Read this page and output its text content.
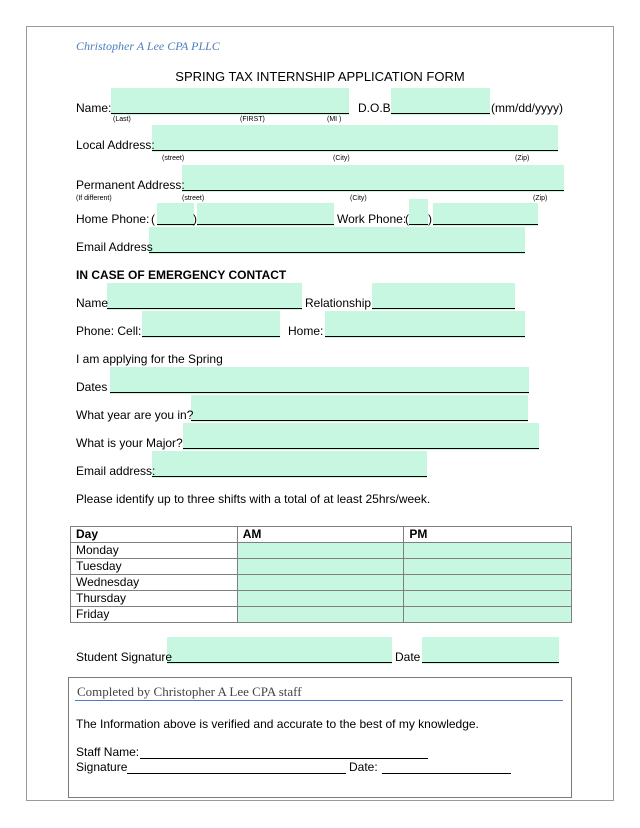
Christopher A Lee CPA PLLC
SPRING TAX INTERNSHIP APPLICATION FORM
Name:	D.O.B	(mm/dd/yyyy)
(Last)	(FIRST)	(MI )
Local Address:
(street)	(City)	(Zip)
Permanent Address:
(If different)	(street)	(City)	(Zip)
Home Phone: (	)	Work Phone:
( )
Email Address
IN CASE OF EMERGENCY CONTACT
Name	Relationship
Phone: Cell:	Home:
I am applying for the Spring
Dates
What year are you in?
What is your Major?
Email address:
Please identify up to three shifts with a total of at least 25hrs/week.
Day	AM	PM
Monday		
Tuesday		
Wednesday		
Thursday		
Friday		
Student Signature	Date
Completed by Christopher A Lee CPA staff
The Information above is verified and accurate to the best of my knowledge.
Staff Name:
Signature	Date:
